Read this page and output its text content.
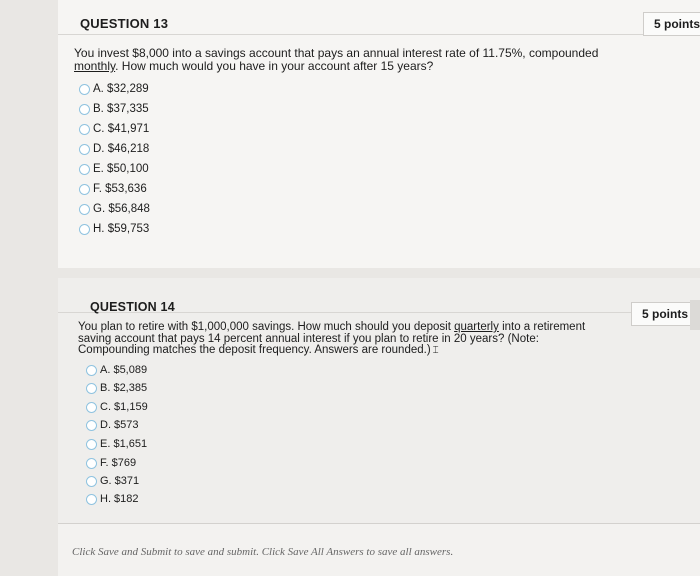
QUESTION 13	5 points
You invest $8,000 into a savings account that pays an annual interest rate of 11.75%, compounded monthly. How much would you have in your account after 15 years?
A. $32,289
B. $37,335
C. $41,971
D. $46,218
E. $50,100
F. $53,636
G. $56,848
H. $59,753
QUESTION 14	5 points
You plan to retire with $1,000,000 savings. How much should you deposit quarterly into a retirement saving account that pays 14 percent annual interest if you plan to retire in 20 years? (Note: Compounding matches the deposit frequency. Answers are rounded.) ⌶
A. $5,089
B. $2,385
C. $1,159
D. $573
E. $1,651
F. $769
G. $371
H. $182
Click Save and Submit to save and submit. Click Save All Answers to save all answers.
